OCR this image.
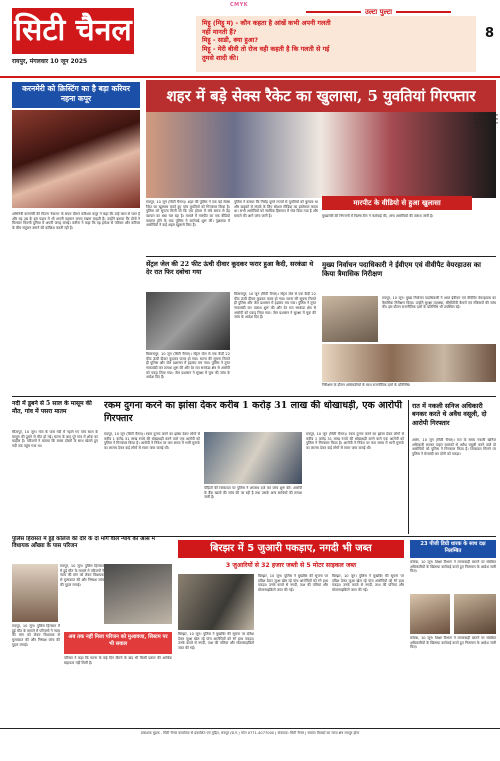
CMYK
सिटी चैनल
रायपुर, मंगलवार 10 जून 2025
उल्टा पुल्टा
8
मिट्टू (मिट्टू म) - कौन कहता है आंखें कभी अपनी गलती
नहीं मानती हैं?
मिट्टू - साडी, क्या हुआ?
मिट्टू - मेरी बीवी तो रोज वही कहती है कि गलती से गई
तुमसे शादी की।
करनमेरी को क्रिस्टिंग का है बड़ा करियर नहना कपूर
अभिनेत्री करनमेरी की फिल्म 'रेवाला' के सफर दौरान करिश्मा कपूर ने कहा कि उन्हें काम से प्यार है और वह उम्र के इस पड़ाव में भी अपनी पहचान बनाए रखना चाहती हैं। उन्होंने बताया कि दोनों ने मिलकर फिल्मी दुनिया में अपनी जगह बनाई। करीना ने कहा कि वह हमेशा से परिवार और करियर के बीच संतुलन बनाने की कोशिश करती रही हैं।
शहर में बड़े सेक्स रैकेट का खुलासा, 5 युवतियां गिरफ्तार
मारपीट के वीडियो से हुआ खुलासा
रायपुर, 10 जून (सिटी चैनल)। शहर की पुलिस ने एक बड़े सेक्स रैकेट का खुलासा करते हुए पांच युवतियों को गिरफ्तार किया है। पुलिस को सूचना मिली थी कि एक होटल में लंबे समय से देह व्यापार का धंधा चल रहा है। मामले में मारपीट का एक वीडियो वायरल होने के बाद पुलिस ने कार्रवाई शुरू की। पूछताछ में आरोपियों ने कई अहम खुलासे किए हैं।
पुलिस ने बताया कि गिरोह दूसरे राज्यों से युवतियों को बुलाता था और ग्राहकों से संपर्क के लिए सोशल मीडिया का इस्तेमाल करता था। सभी आरोपियों को न्यायिक हिरासत में भेज दिया गया है और मामले की आगे जांच जारी है।	मुख्यमंत्री की निगरानी में विशेष टीम ने कार्रवाई की, अन्य आरोपियों की तलाश जारी है।
इस अवसर पर थाना प्रभारी एवं अन्य अधिकारी उपस्थित रहे।
सेंट्रल जेल की 22 फीट ऊंची दीवार कूदकर फरार हुआ कैदी, सरकंडा थे देर रात फिर दबोचा गया
बिलासपुर, 10 जून (सिटी चैनल)। सेंट्रल जेल से एक कैदी 22 फीट ऊंची दीवार कूदकर फरार हो गया। घटना की सूचना मिलते ही पुलिस और जेल प्रशासन में हड़कंप मच गया। पुलिस ने तुरंत नाकाबंदी कर तलाश शुरू की और देर रात सरकंडा क्षेत्र से आरोपी को पकड़ लिया गया। जेल प्रशासन ने सुरक्षा में चूक की जांच के आदेश दिए हैं।
बिलासपुर, 10 जून (सिटी चैनल)। सेंट्रल जेल से एक कैदी 22 फीट ऊंची दीवार कूदकर फरार हो गया। घटना की सूचना मिलते ही पुलिस और जेल प्रशासन में हड़कंप मच गया। पुलिस ने तुरंत नाकाबंदी कर तलाश शुरू की और देर रात सरकंडा क्षेत्र से आरोपी को पकड़ लिया गया। जेल प्रशासन ने सुरक्षा में चूक की जांच के आदेश दिए हैं।
मुख्य निर्वाचन पदाधिकारी ने ईवीएम एवं वीवीपैट वेयरहाउस का किया त्रैमासिक निरीक्षण
रायपुर, 10 जून। मुख्य निर्वाचन पदाधिकारी ने आज ईवीएम एवं वीवीपैट वेयरहाउस का त्रैमासिक निरीक्षण किया। उन्होंने सुरक्षा व्यवस्था, सीसीटीवी कैमरों एवं रजिस्टरों की जांच की। इस दौरान राजनीतिक दलों के प्रतिनिधि भी उपस्थित रहे।
निरीक्षण के दौरान अधिकारियों के साथ राजनीतिक दलों के प्रतिनिधि।
नदी में डूबने से 5 साल के मासूम की मौत, गांव में पसरा मातम
सीतापुर, 10 जून। गांव के पास नदी में नहाने गए पांच साल के मासूम की डूबने से मौत हो गई। घटना के बाद पूरे गांव में शोक का माहौल है। परिजनों ने बताया कि बच्चा दोस्तों के साथ खेलते हुए नदी तक पहुंच गया था।
रकम दुगना करने का झांसा देकर करीब 1 करोड़ 31 लाख की धोखाधड़ी, एक आरोपी गिरफ्तार
रायपुर, 10 जून (सिटी चैनल)। रकम दुगना करने का झांसा देकर लोगों से करीब 1 करोड़ 31 लाख रुपये की धोखाधड़ी करने वाले एक आरोपी को पुलिस ने गिरफ्तार किया है। आरोपी ने निवेश पर कम समय में भारी मुनाफे का लालच देकर कई लोगों से रकम जमा कराई थी।
पीड़ितों की शिकायत पर पुलिस ने अपराध दर्ज कर जांच शुरू की। आरोपी के बैंक खातों की जांच की जा रही है तथा उसके अन्य साथियों की तलाश जारी है।
रायपुर, 10 जून (सिटी चैनल)। रकम दुगना करने का झांसा देकर लोगों से करीब 1 करोड़ 31 लाख रुपये की धोखाधड़ी करने वाले एक आरोपी को पुलिस ने गिरफ्तार किया है। आरोपी ने निवेश पर कम समय में भारी मुनाफे का लालच देकर कई लोगों से रकम जमा कराई थी।
रात में नकली सनिज अधिकारी बनकर करते थे अवैध वसूली, दो आरोपी गिरफ्तार
आरंग, 10 जून (सिटी चैनल)। रात के समय नकली खनिज अधिकारी बनकर वाहन चालकों से अवैध वसूली करने वाले दो आरोपियों को पुलिस ने गिरफ्तार किया है। शिकायत मिलने पर पुलिस ने घेराबंदी कर दोनों को पकड़ा।
पुलिस हिरासत में हुई कॉलेज की दौरे के दो मार्ग वाले न्याय की आस में विधायक आँख्या के पास परिजन
रायपुर, 10 जून। पुलिस हिरासत में हुई मौत के मामले में परिजनों ने न्याय की मांग को लेकर विधायक से मुलाकात की और निष्पक्ष जांच की गुहार लगाई।
रायपुर, 10 जून। पुलिस हिरासत में हुई मौत के मामले में परिजनों ने न्याय की मांग को लेकर विधायक से मुलाकात की और निष्पक्ष जांच की गुहार लगाई।
अब तक नहीं मिला परिजन को मुआवजा, सिस्टम पर भी सवाल
परिवार ने कहा कि घटना के कई दिन बीतने के बाद भी किसी प्रकार की आर्थिक सहायता नहीं मिली है।
बिरझर में 5 जुआरी पकड़ाए, नगदी भी जब्त
3 जुआरियों से 32 हजार जब्ती से 5 मोटर साइकल जब्त
बिरझर, 10 जून। पुलिस ने मुखबिर की सूचना पर दबिश देकर जुआ खेल रहे पांच आरोपियों को रंगे हाथ पकड़ा। उनके कब्जे से नगदी, ताश की पत्तियां और मोटरसाइकिलें जब्त की गईं।
बिरझर, 10 जून। पुलिस ने मुखबिर की सूचना पर दबिश देकर जुआ खेल रहे पांच आरोपियों को रंगे हाथ पकड़ा। उनके कब्जे से नगदी, ताश की पत्तियां और मोटरसाइकिलें जब्त की गईं।
बिरझर, 10 जून। पुलिस ने मुखबिर की सूचना पर दबिश देकर जुआ खेल रहे पांच आरोपियों को रंगे हाथ पकड़ा। उनके कब्जे से नगदी, ताश की पत्तियां और मोटरसाइकिलें जब्त की गईं।
23 पीजी डिग्री धारक के साथ दक्ष निलम्बित
कोरबा, 10 जून। शिक्षा विभाग ने लापरवाही बरतने पर संबंधित अधिकारियों के खिलाफ कार्रवाई करते हुए निलम्बन के आदेश जारी किए।
कोरबा, 10 जून। शिक्षा विभाग ने लापरवाही बरतने पर संबंधित अधिकारियों के खिलाफ कार्रवाई करते हुए निलम्बन के आदेश जारी किए।
प्रकाशक मुद्रक - सिटी चैनल कार्यालय से प्रकाशित एवं मुद्रित, रायपुर (छ.ग.) फोन 0771-4077000 | संपादक: सिटी चैनल | समस्त विवादों का न्याय क्षेत्र रायपुर होगा
